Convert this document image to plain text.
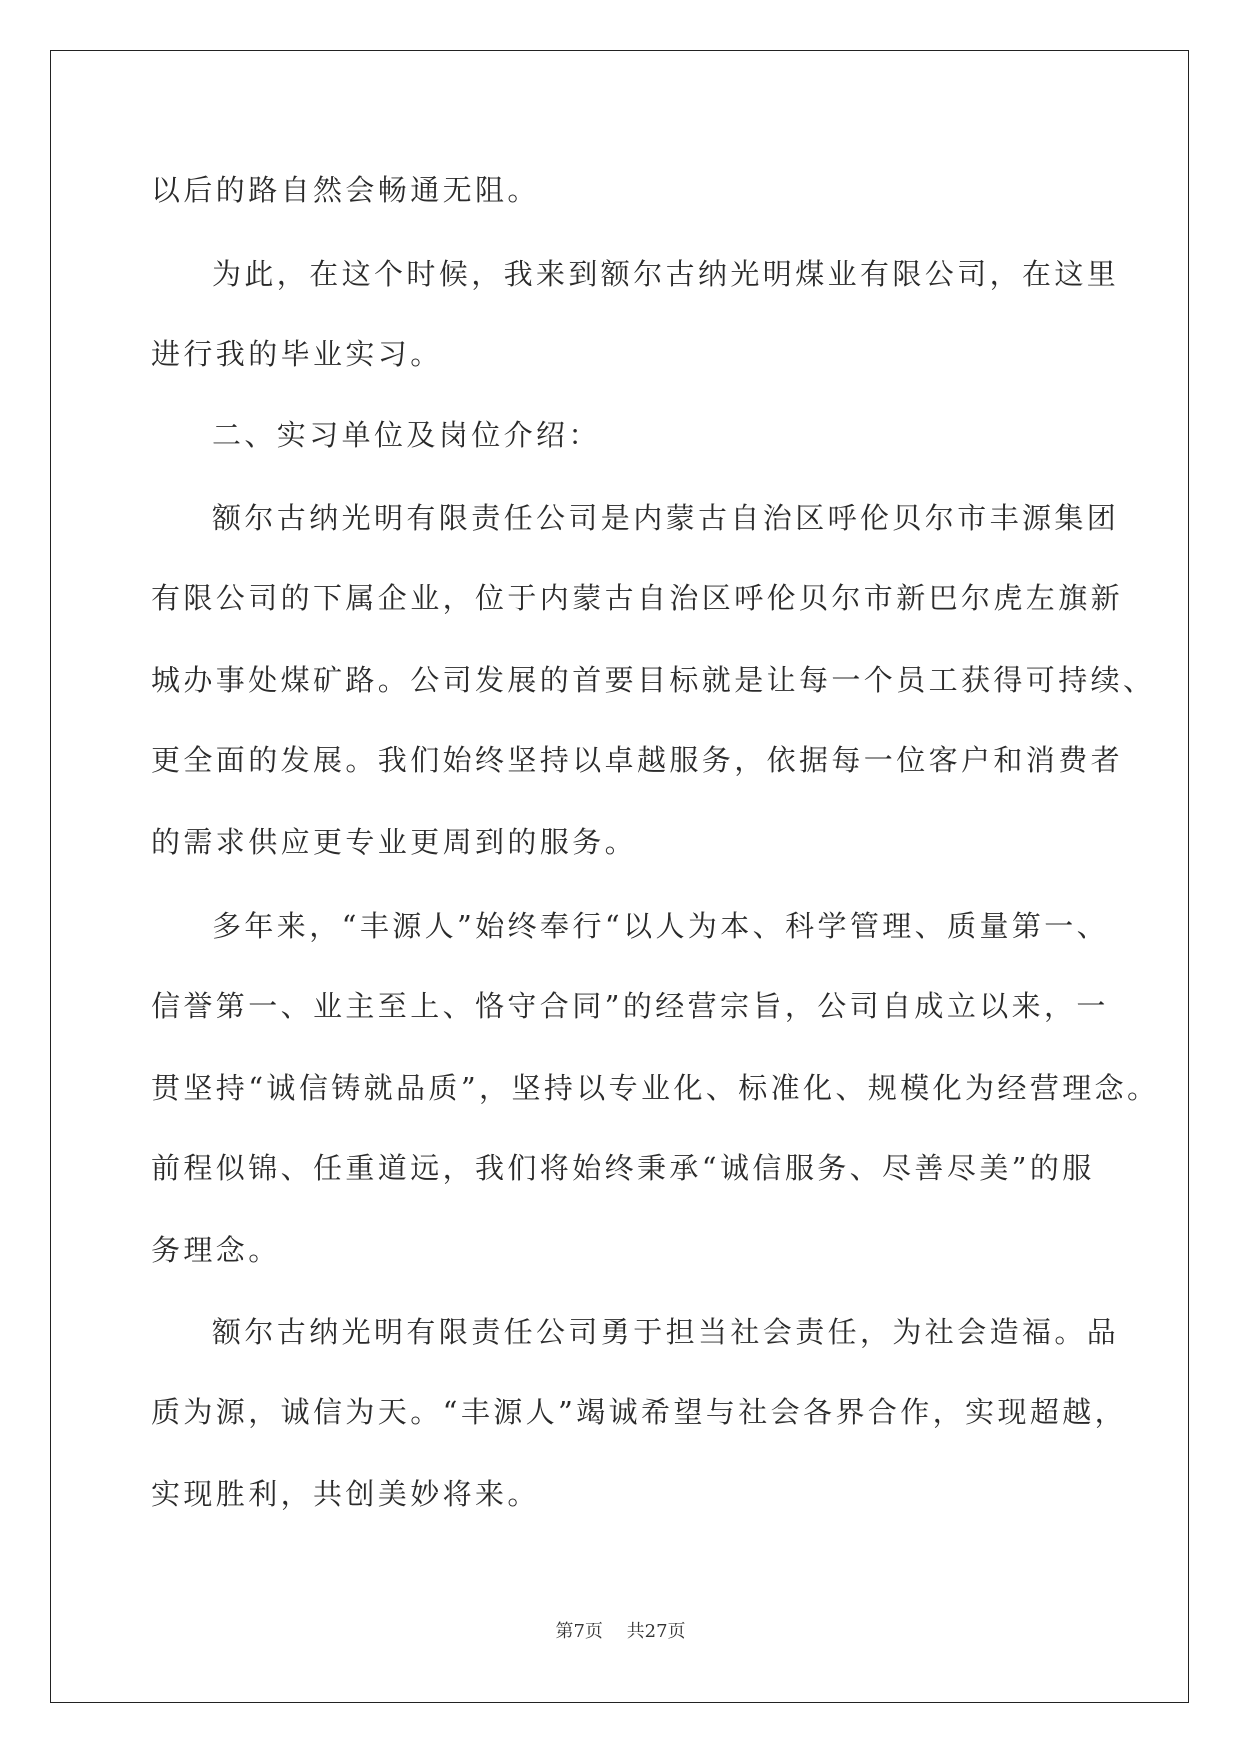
以后的路自然会畅通无阻。
为此，在这个时候，我来到额尔古纳光明煤业有限公司，在这里
进行我的毕业实习。
二、实习单位及岗位介绍：
额尔古纳光明有限责任公司是内蒙古自治区呼伦贝尔市丰源集团
有限公司的下属企业，位于内蒙古自治区呼伦贝尔市新巴尔虎左旗新
城办事处煤矿路。公司发展的首要目标就是让每一个员工获得可持续、
更全面的发展。我们始终坚持以卓越服务，依据每一位客户和消费者
的需求供应更专业更周到的服务。
多年来，“丰源人”始终奉行“以人为本、科学管理、质量第一、
信誉第一、业主至上、恪守合同”的经营宗旨，公司自成立以来，一
贯坚持“诚信铸就品质”，坚持以专业化、标准化、规模化为经营理念。
前程似锦、任重道远，我们将始终秉承“诚信服务、尽善尽美”的服
务理念。
额尔古纳光明有限责任公司勇于担当社会责任，为社会造福。品
质为源，诚信为天。“丰源人”竭诚希望与社会各界合作，实现超越，
实现胜利，共创美妙将来。
第7页 共27页
